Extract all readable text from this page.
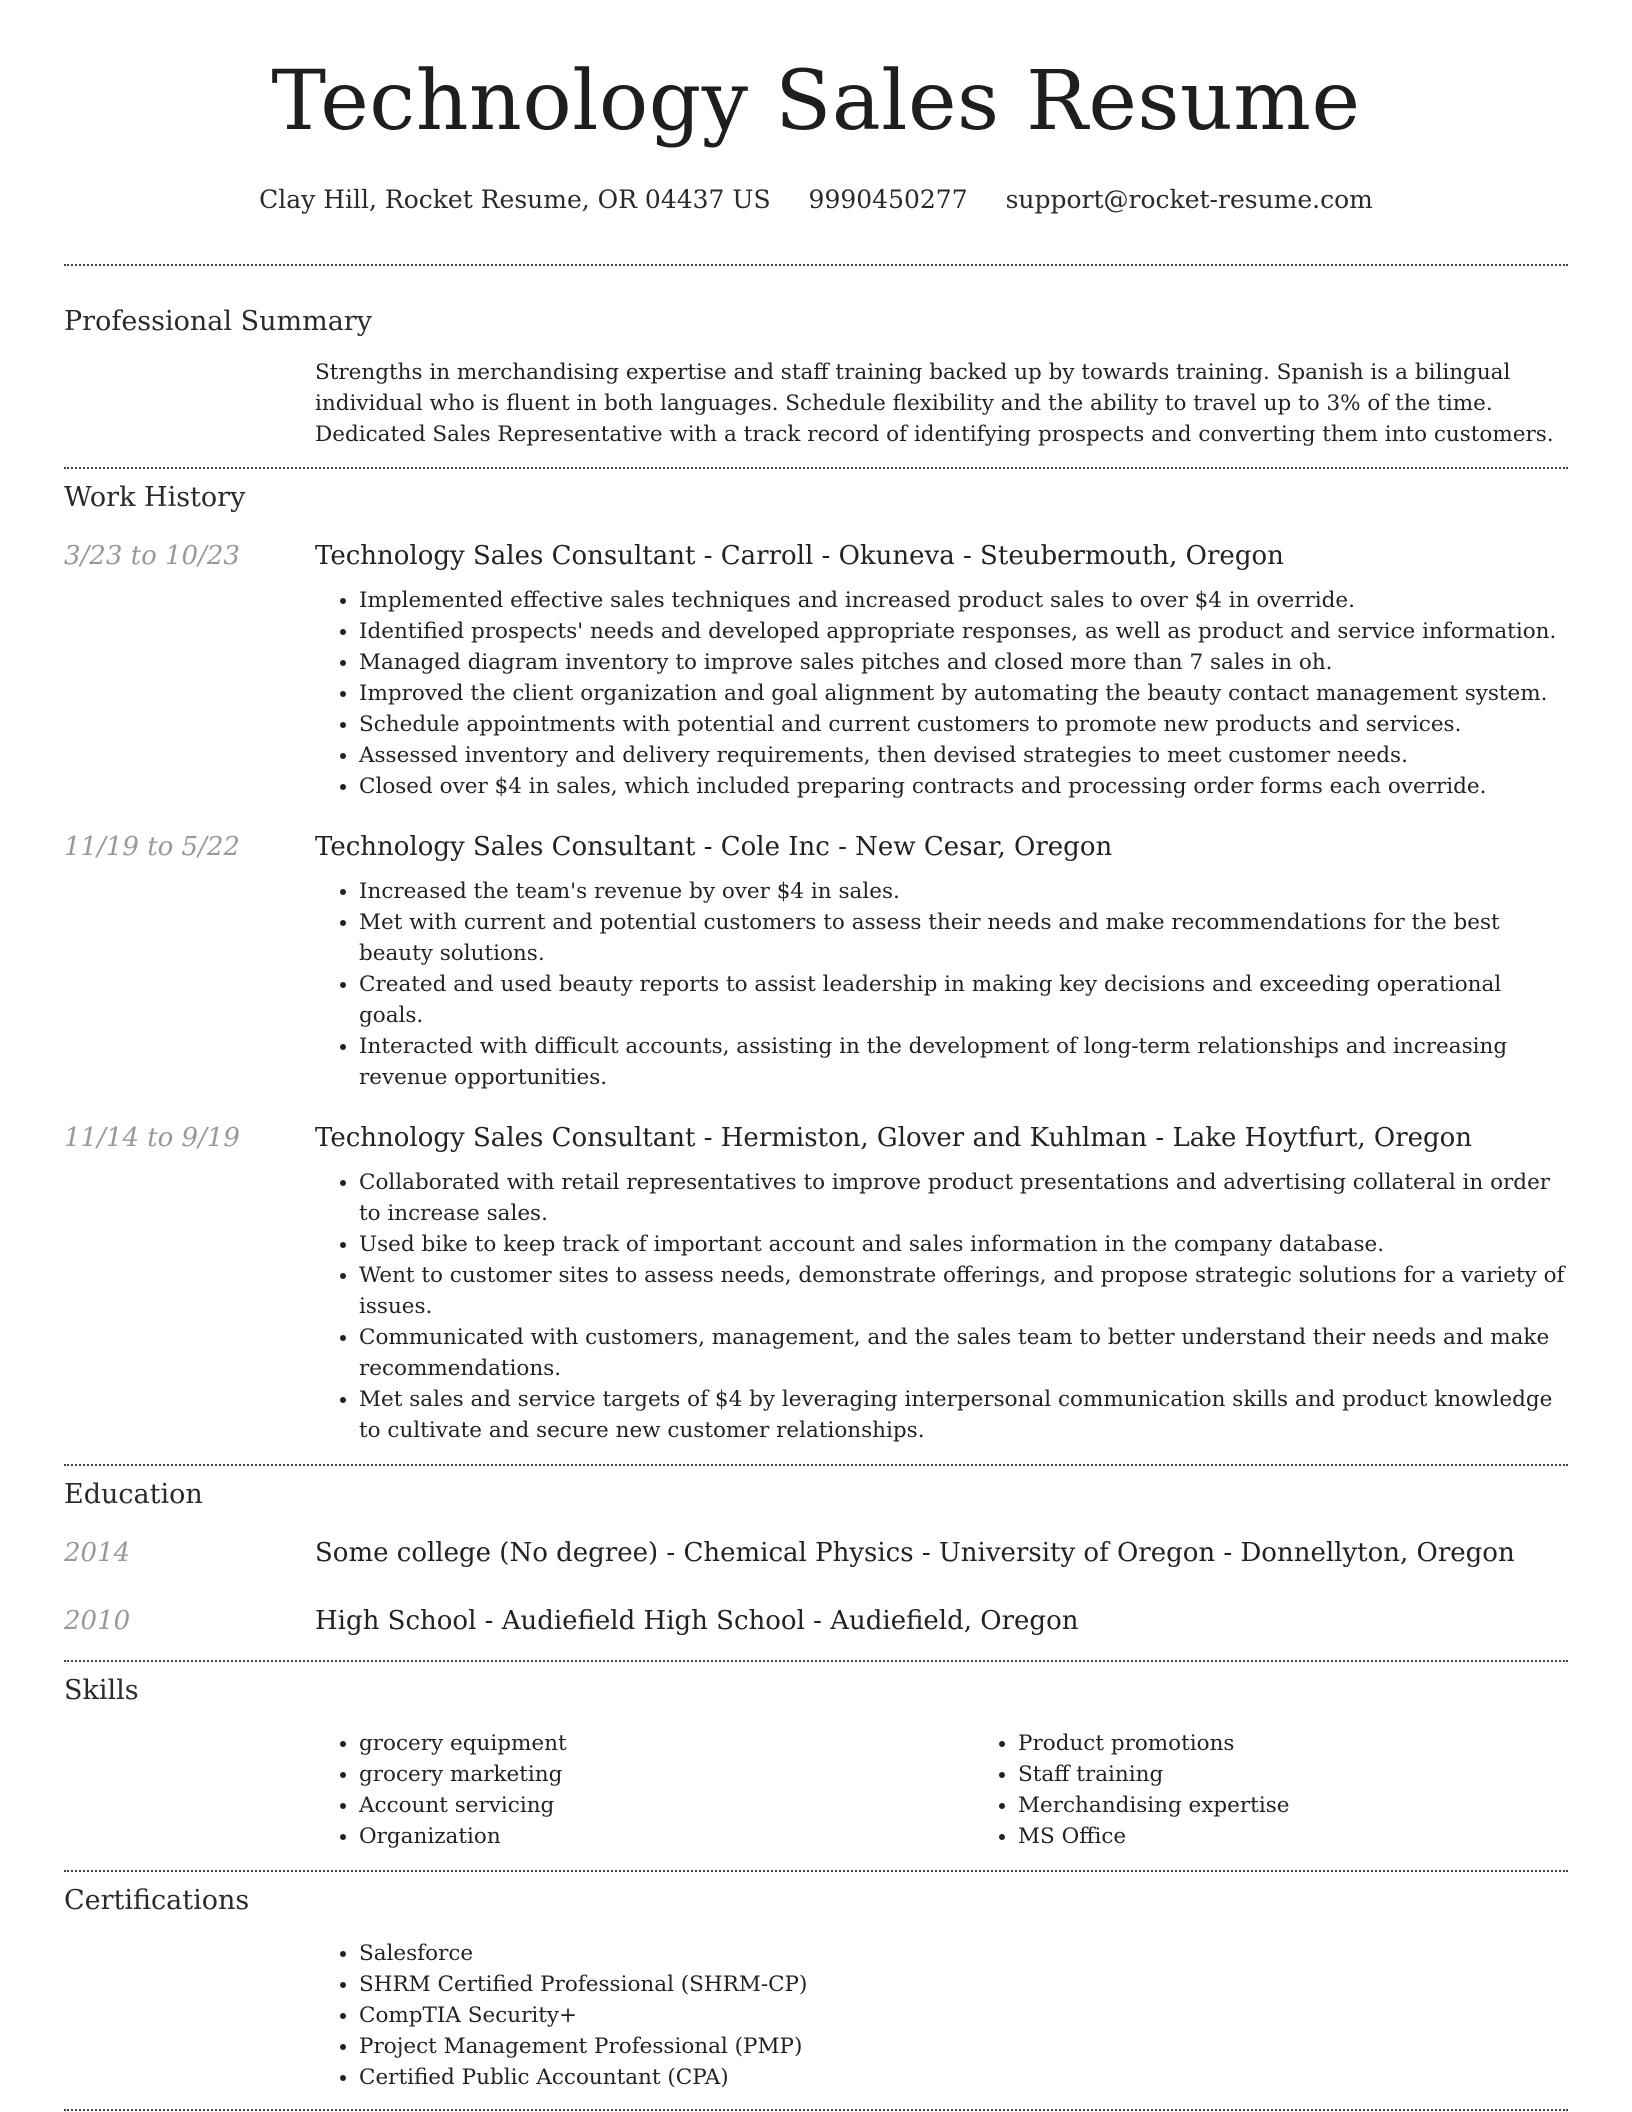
Technology Sales Resume
Clay Hill, Rocket Resume, OR 04437 US 9990450277 support@rocket-resume.com
Professional Summary
Strengths in merchandising expertise and staff training backed up by towards training. Spanish is a bilingual individual who is fluent in both languages. Schedule flexibility and the ability to travel up to 3% of the time. Dedicated Sales Representative with a track record of identifying prospects and converting them into customers.
Work History
3/23 to 10/23	Technology Sales Consultant - Carroll - Okuneva - Steubermouth, Oregon
• Implemented effective sales techniques and increased product sales to over $4 in override.
• Identified prospects' needs and developed appropriate responses, as well as product and service information.
• Managed diagram inventory to improve sales pitches and closed more than 7 sales in oh.
• Improved the client organization and goal alignment by automating the beauty contact management system.
• Schedule appointments with potential and current customers to promote new products and services.
• Assessed inventory and delivery requirements, then devised strategies to meet customer needs.
• Closed over $4 in sales, which included preparing contracts and processing order forms each override.
11/19 to 5/22	Technology Sales Consultant - Cole Inc - New Cesar, Oregon
• Increased the team's revenue by over $4 in sales.
• Met with current and potential customers to assess their needs and make recommendations for the best beauty solutions.
• Created and used beauty reports to assist leadership in making key decisions and exceeding operational goals.
• Interacted with difficult accounts, assisting in the development of long-term relationships and increasing revenue opportunities.
11/14 to 9/19	Technology Sales Consultant - Hermiston, Glover and Kuhlman - Lake Hoytfurt, Oregon
• Collaborated with retail representatives to improve product presentations and advertising collateral in order to increase sales.
• Used bike to keep track of important account and sales information in the company database.
• Went to customer sites to assess needs, demonstrate offerings, and propose strategic solutions for a variety of issues.
• Communicated with customers, management, and the sales team to better understand their needs and make recommendations.
• Met sales and service targets of $4 by leveraging interpersonal communication skills and product knowledge to cultivate and secure new customer relationships.
Education
2014	Some college (No degree) - Chemical Physics - University of Oregon - Donnellyton, Oregon
2010	High School - Audiefield High School - Audiefield, Oregon
Skills
• grocery equipment
• grocery marketing
• Account servicing
• Organization
• Product promotions
• Staff training
• Merchandising expertise
• MS Office
Certifications
• Salesforce
• SHRM Certified Professional (SHRM-CP)
• CompTIA Security+
• Project Management Professional (PMP)
• Certified Public Accountant (CPA)
